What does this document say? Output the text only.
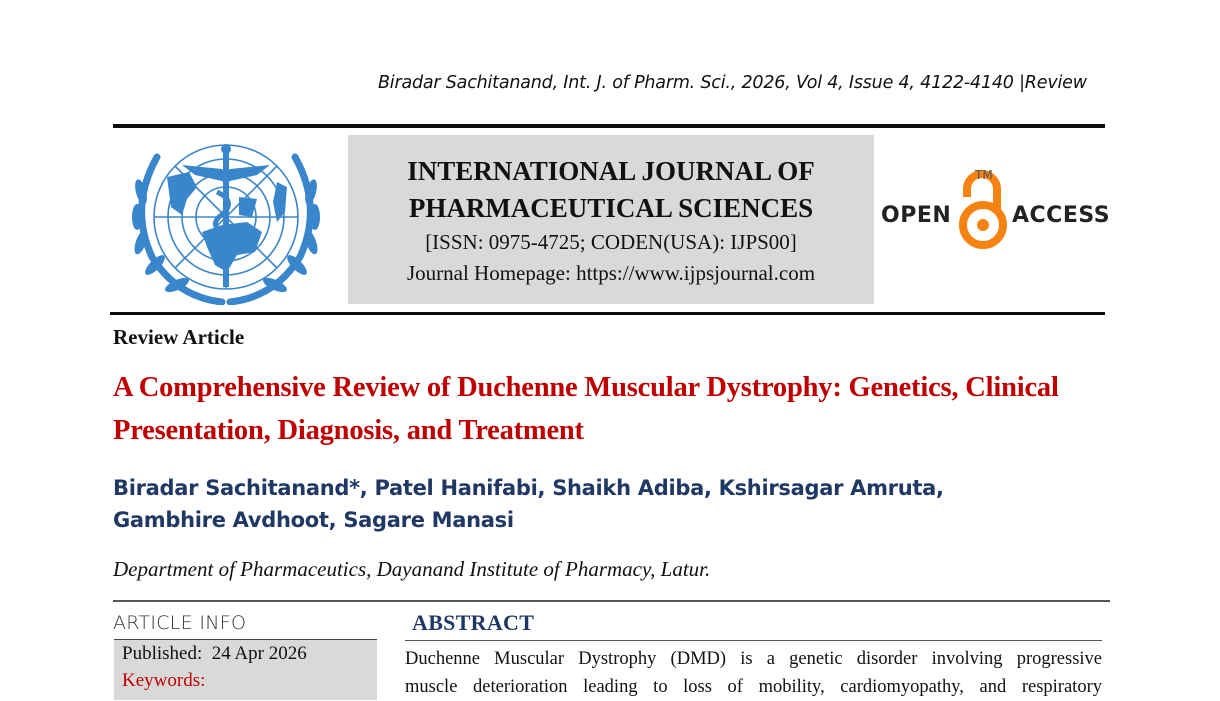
Biradar Sachitanand, Int. J. of Pharm. Sci., 2026, Vol 4, Issue 4, 4122-4140 |Review
INTERNATIONAL JOURNAL OF
PHARMACEUTICAL SCIENCES
[ISSN: 0975-4725; CODEN(USA): IJPS00]
Journal Homepage: https://www.ijpsjournal.com
OPEN
TM
ACCESS
Review Article
A Comprehensive Review of Duchenne Muscular Dystrophy: Genetics, Clinical Presentation, Diagnosis, and Treatment
Biradar Sachitanand*, Patel Hanifabi, Shaikh Adiba, Kshirsagar Amruta,
Gambhire Avdhoot, Sagare Manasi
Department of Pharmaceutics, Dayanand Institute of Pharmacy, Latur.
ARTICLE INFO
Published: 24 Apr 2026
Keywords:
ABSTRACT
Duchenne Muscular Dystrophy (DMD) is a genetic disorder involving progressive
muscle deterioration leading to loss of mobility, cardiomyopathy, and respiratory
